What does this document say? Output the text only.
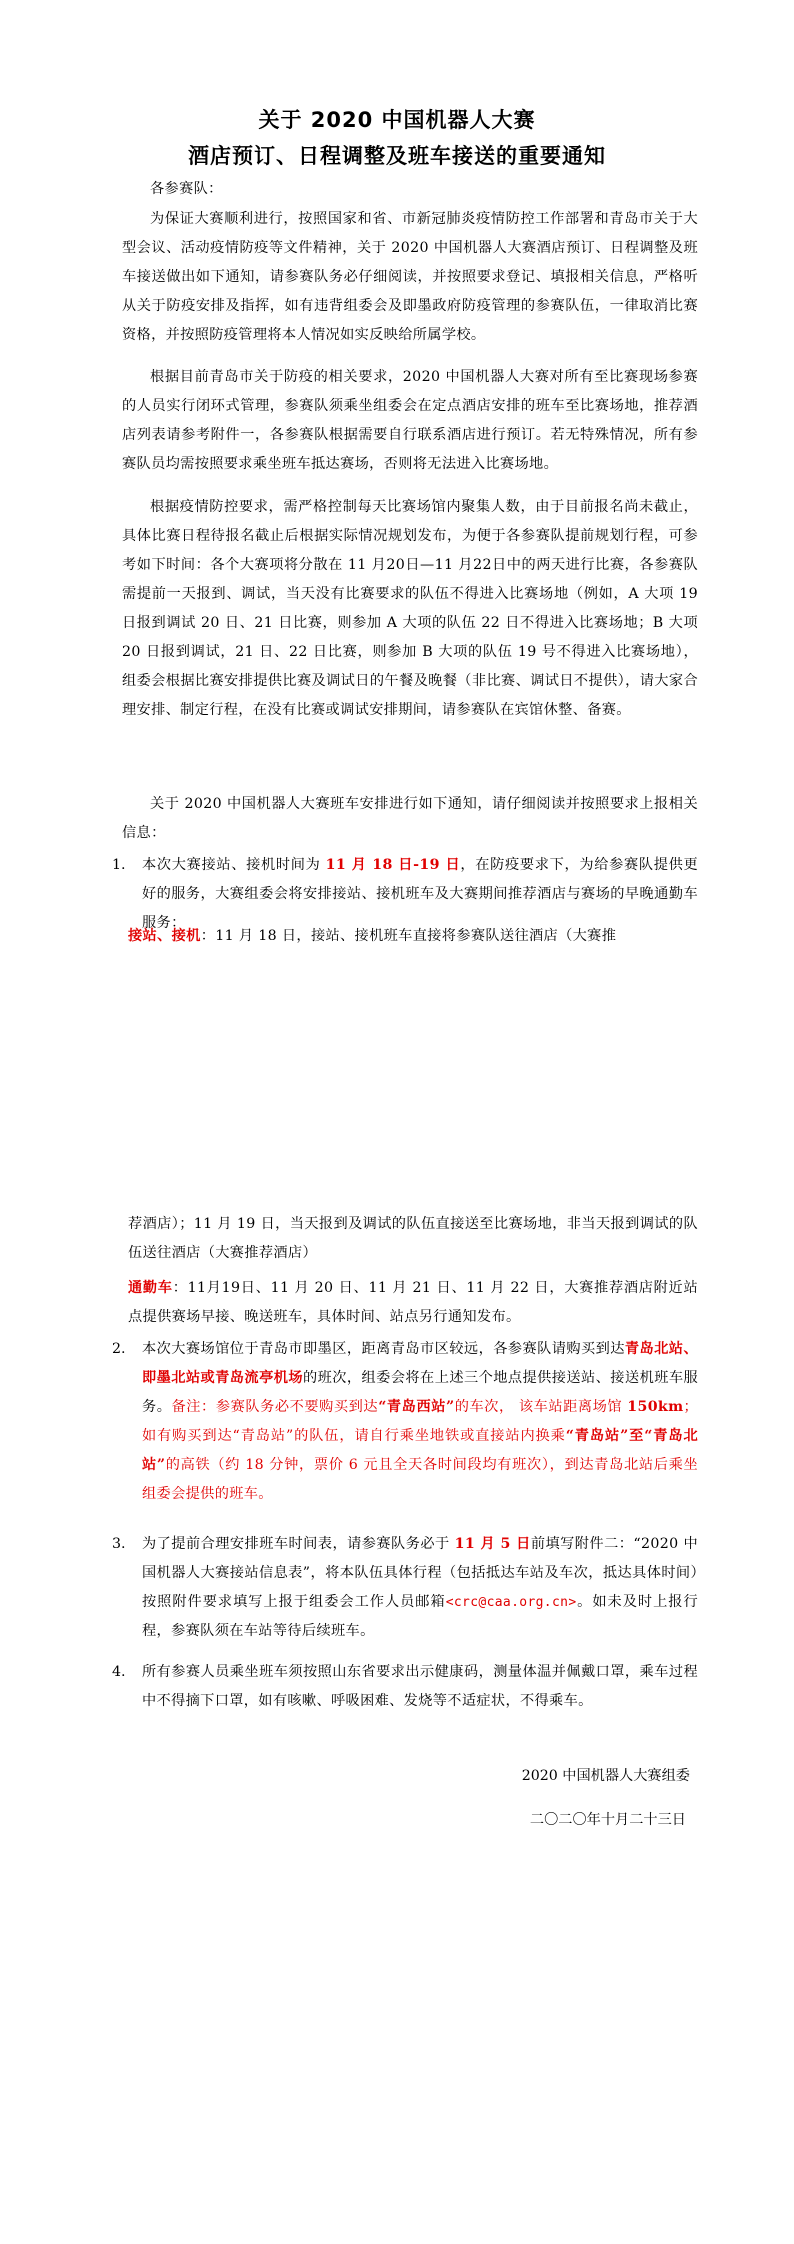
关于 2020 中国机器人大赛
酒店预订、日程调整及班车接送的重要通知
各参赛队：
为保证大赛顺利进行，按照国家和省、市新冠肺炎疫情防控工作部署和青岛市关于大型会议、活动疫情防疫等文件精神，关于 2020 中国机器人大赛酒店预订、日程调整及班车接送做出如下通知，请参赛队务必仔细阅读，并按照要求登记、填报相关信息，严格听从关于防疫安排及指挥，如有违背组委会及即墨政府防疫管理的参赛队伍，一律取消比赛资格，并按照防疫管理将本人情况如实反映给所属学校。
根据目前青岛市关于防疫的相关要求，2020 中国机器人大赛对所有至比赛现场参赛的人员实行闭环式管理，参赛队须乘坐组委会在定点酒店安排的班车至比赛场地，推荐酒店列表请参考附件一，各参赛队根据需要自行联系酒店进行预订。若无特殊情况，所有参赛队员均需按照要求乘坐班车抵达赛场，否则将无法进入比赛场地。
根据疫情防控要求，需严格控制每天比赛场馆内聚集人数，由于目前报名尚未截止，具体比赛日程待报名截止后根据实际情况规划发布，为便于各参赛队提前规划行程，可参考如下时间：各个大赛项将分散在 11 月20日—11 月22日中的两天进行比赛，各参赛队需提前一天报到、调试，当天没有比赛要求的队伍不得进入比赛场地（例如，A 大项 19 日报到调试 20 日、21 日比赛，则参加 A 大项的队伍 22 日不得进入比赛场地；B 大项 20 日报到调试，21 日、22 日比赛，则参加 B 大项的队伍 19 号不得进入比赛场地），组委会根据比赛安排提供比赛及调试日的午餐及晚餐（非比赛、调试日不提供），请大家合理安排、制定行程，在没有比赛或调试安排期间，请参赛队在宾馆休整、备赛。
关于 2020 中国机器人大赛班车安排进行如下通知，请仔细阅读并按照要求上报相关信息：
1. 本次大赛接站、接机时间为 11 月 18 日-19 日，在防疫要求下，为给参赛队提供更好的服务，大赛组委会将安排接站、接机班车及大赛期间推荐酒店与赛场的早晚通勤车服务：
接站、接机：11 月 18 日，接站、接机班车直接将参赛队送往酒店（大赛推
荐酒店）；11 月 19 日，当天报到及调试的队伍直接送至比赛场地，非当天报到调试的队伍送往酒店（大赛推荐酒店）
通勤车：11月19日、11 月 20 日、11 月 21 日、11 月 22 日，大赛推荐酒店附近站点提供赛场早接、晚送班车，具体时间、站点另行通知发布。
2. 本次大赛场馆位于青岛市即墨区，距离青岛市区较远，各参赛队请购买到达青岛北站、即墨北站或青岛流亭机场的班次，组委会将在上述三个地点提供接送站、接送机班车服务。备注：参赛队务必不要购买到达“青岛西站”的车次， 该车站距离场馆 150km； 如有购买到达“青岛站”的队伍，请自行乘坐地铁或直接站内换乘“青岛站”至“青岛北站”的高铁（约 18 分钟，票价 6 元且全天各时间段均有班次），到达青岛北站后乘坐组委会提供的班车。
3. 为了提前合理安排班车时间表，请参赛队务必于 11 月 5 日前填写附件二：“2020 中国机器人大赛接站信息表”，将本队伍具体行程（包括抵达车站及车次，抵达具体时间）按照附件要求填写上报于组委会工作人员邮箱<crc@caa.org.cn>。如未及时上报行程，参赛队须在车站等待后续班车。
4. 所有参赛人员乘坐班车须按照山东省要求出示健康码，测量体温并佩戴口罩，乘车过程中不得摘下口罩，如有咳嗽、呼吸困难、发烧等不适症状，不得乘车。
2020 中国机器人大赛组委
二〇二〇年十月二十三日
